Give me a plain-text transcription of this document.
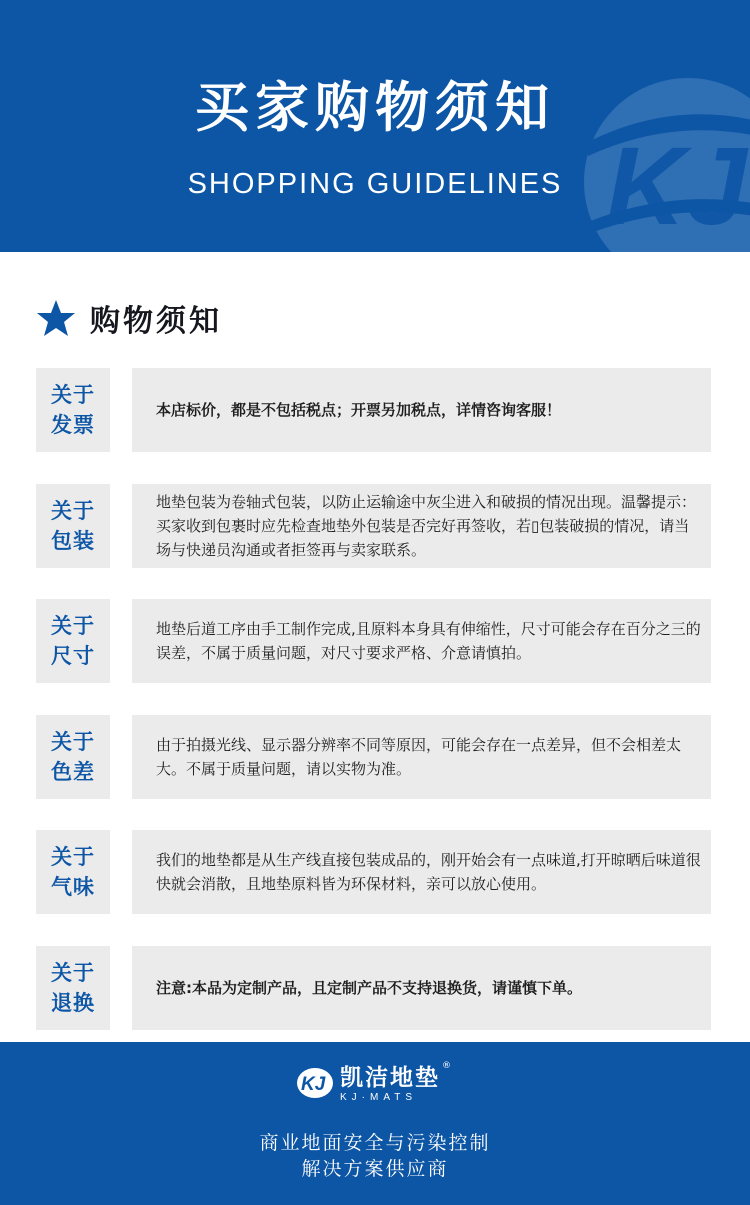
KJ
买家购物须知
SHOPPING GUIDELINES
购物须知
关于
发票
本店标价，都是不包括税点；开票另加税点，详情咨询客服！
关于
包装
地垫包装为卷轴式包装，以防止运输途中灰尘进入和破损的情况出现。温馨提示：买家收到包裹时应先检查地垫外包装是否完好再签收，若▯包装破损的情况，请当场与快递员沟通或者拒签再与卖家联系。
关于
尺寸
地垫后道工序由手工制作完成,且原料本身具有伸缩性，尺寸可能会存在百分之三的误差，不属于质量问题，对尺寸要求严格、介意请慎拍。
关于
色差
由于拍摄光线、显示器分辨率不同等原因，可能会存在一点差异，但不会相差太大。不属于质量问题，请以实物为准。
关于
气味
我们的地垫都是从生产线直接包装成品的，刚开始会有一点味道,打开晾晒后味道很快就会消散，且地垫原料皆为环保材料，亲可以放心使用。
关于
退换
注意:本品为定制产品，且定制产品不支持退换货，请谨慎下单。
KJ 凯洁地垫 ®
KJ·MATS
商业地面安全与污染控制
解决方案供应商
